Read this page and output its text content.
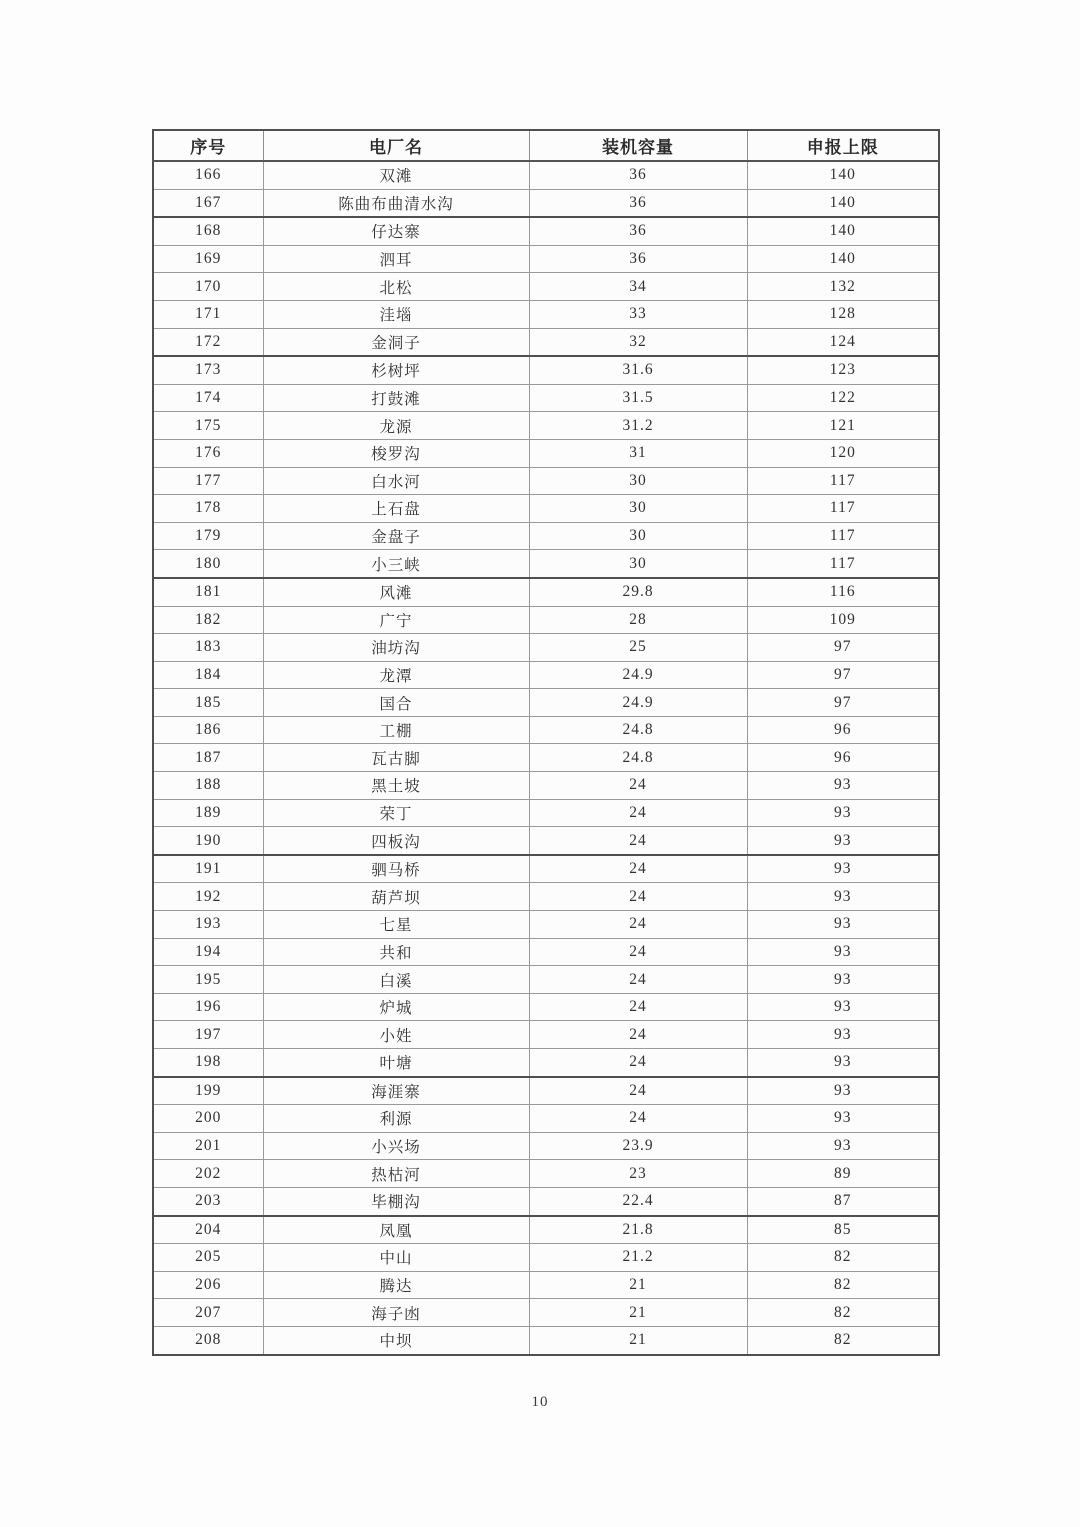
序号	电厂名	装机容量	申报上限
166	双滩	36	140
167	陈曲布曲清水沟	36	140
168	仔达寨	36	140
169	泗耳	36	140
170	北松	34	132
171	洼堖	33	128
172	金洞子	32	124
173	杉树坪	31.6	123
174	打鼓滩	31.5	122
175	龙源	31.2	121
176	梭罗沟	31	120
177	白水河	30	117
178	上石盘	30	117
179	金盘子	30	117
180	小三峡	30	117
181	风滩	29.8	116
182	广宁	28	109
183	油坊沟	25	97
184	龙潭	24.9	97
185	国合	24.9	97
186	工棚	24.8	96
187	瓦古脚	24.8	96
188	黑土坡	24	93
189	荣丁	24	93
190	四板沟	24	93
191	驷马桥	24	93
192	葫芦坝	24	93
193	七星	24	93
194	共和	24	93
195	白溪	24	93
196	炉城	24	93
197	小姓	24	93
198	叶塘	24	93
199	海涯寨	24	93
200	利源	24	93
201	小兴场	23.9	93
202	热枯河	23	89
203	毕棚沟	22.4	87
204	凤凰	21.8	85
205	中山	21.2	82
206	腾达	21	82
207	海子凼	21	82
208	中坝	21	82
10
